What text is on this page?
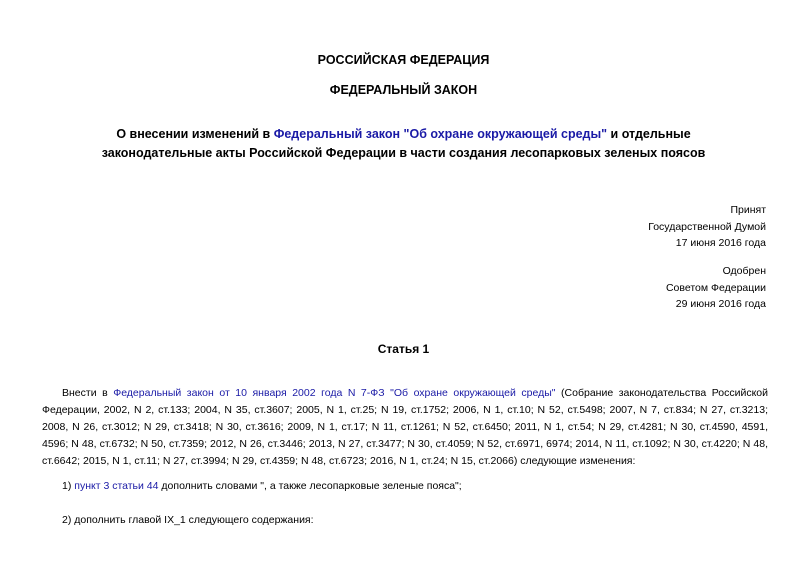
РОССИЙСКАЯ ФЕДЕРАЦИЯ
ФЕДЕРАЛЬНЫЙ ЗАКОН
О внесении изменений в Федеральный закон "Об охране окружающей среды" и отдельные законодательные акты Российской Федерации в части создания лесопарковых зеленых поясов
Принят
Государственной Думой
17 июня 2016 года
Одобрен
Советом Федерации
29 июня 2016 года
Статья 1
Внести в Федеральный закон от 10 января 2002 года N 7-ФЗ "Об охране окружающей среды" (Собрание законодательства Российской Федерации, 2002, N 2, ст.133; 2004, N 35, ст.3607; 2005, N 1, ст.25; N 19, ст.1752; 2006, N 1, ст.10; N 52, ст.5498; 2007, N 7, ст.834; N 27, ст.3213; 2008, N 26, ст.3012; N 29, ст.3418; N 30, ст.3616; 2009, N 1, ст.17; N 11, ст.1261; N 52, ст.6450; 2011, N 1, ст.54; N 29, ст.4281; N 30, ст.4590, 4591, 4596; N 48, ст.6732; N 50, ст.7359; 2012, N 26, ст.3446; 2013, N 27, ст.3477; N 30, ст.4059; N 52, ст.6971, 6974; 2014, N 11, ст.1092; N 30, ст.4220; N 48, ст.6642; 2015, N 1, ст.11; N 27, ст.3994; N 29, ст.4359; N 48, ст.6723; 2016, N 1, ст.24; N 15, ст.2066) следующие изменения:
1) пункт 3 статьи 44 дополнить словами ", а также лесопарковые зеленые пояса";
2) дополнить главой IX_1 следующего содержания:
